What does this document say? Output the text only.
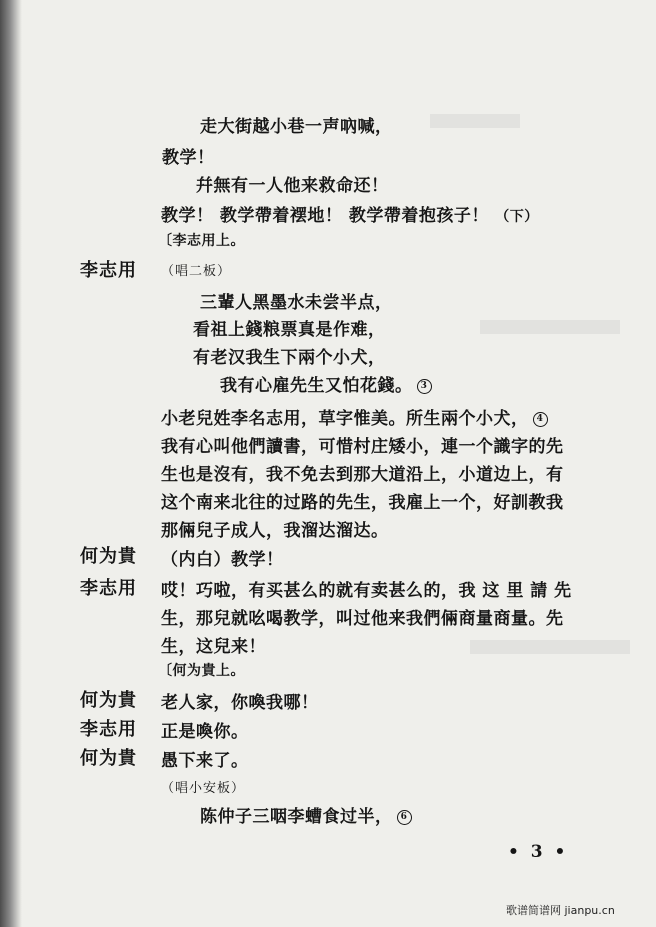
走大街越小巷一声吶喊，
教学！
幷無有一人他来救命还！
教学！ 教学帶着䙓地！ 教学帶着抱孩子！ （下）
〔李志用上。
李志用 （唱二板）
三輩人黑墨水未尝半点，
看祖上錢粮票真是作难，
有老汉我生下兩个小犬，
我有心雇先生又怕花錢。 3
小老兒姓李名志用，草字惟美。所生兩个小犬， 4
我有心叫他們讀書，可惜村庄矮小，連一个識字的先
生也是沒有，我不免去到那大道沿上，小道边上，有
这个南来北往的过路的先生，我雇上一个，好訓教我
那倆兒子成人，我溜达溜达。
何为貴 （内白）教学！
李志用 哎！巧啦，有买甚么的就有卖甚么的，我 这 里 請 先
生，那兒就吆喝教学，叫过他来我們倆商量商量。先
生，这兒来！
〔何为貴上。
何为貴 老人家，你喚我哪！
李志用 正是喚你。
何为貴 愚下来了。
（唱小安板）
陈仲子三咽李螬食过半， 6
• 3 •
歌谱简谱网 jianpu.cn
